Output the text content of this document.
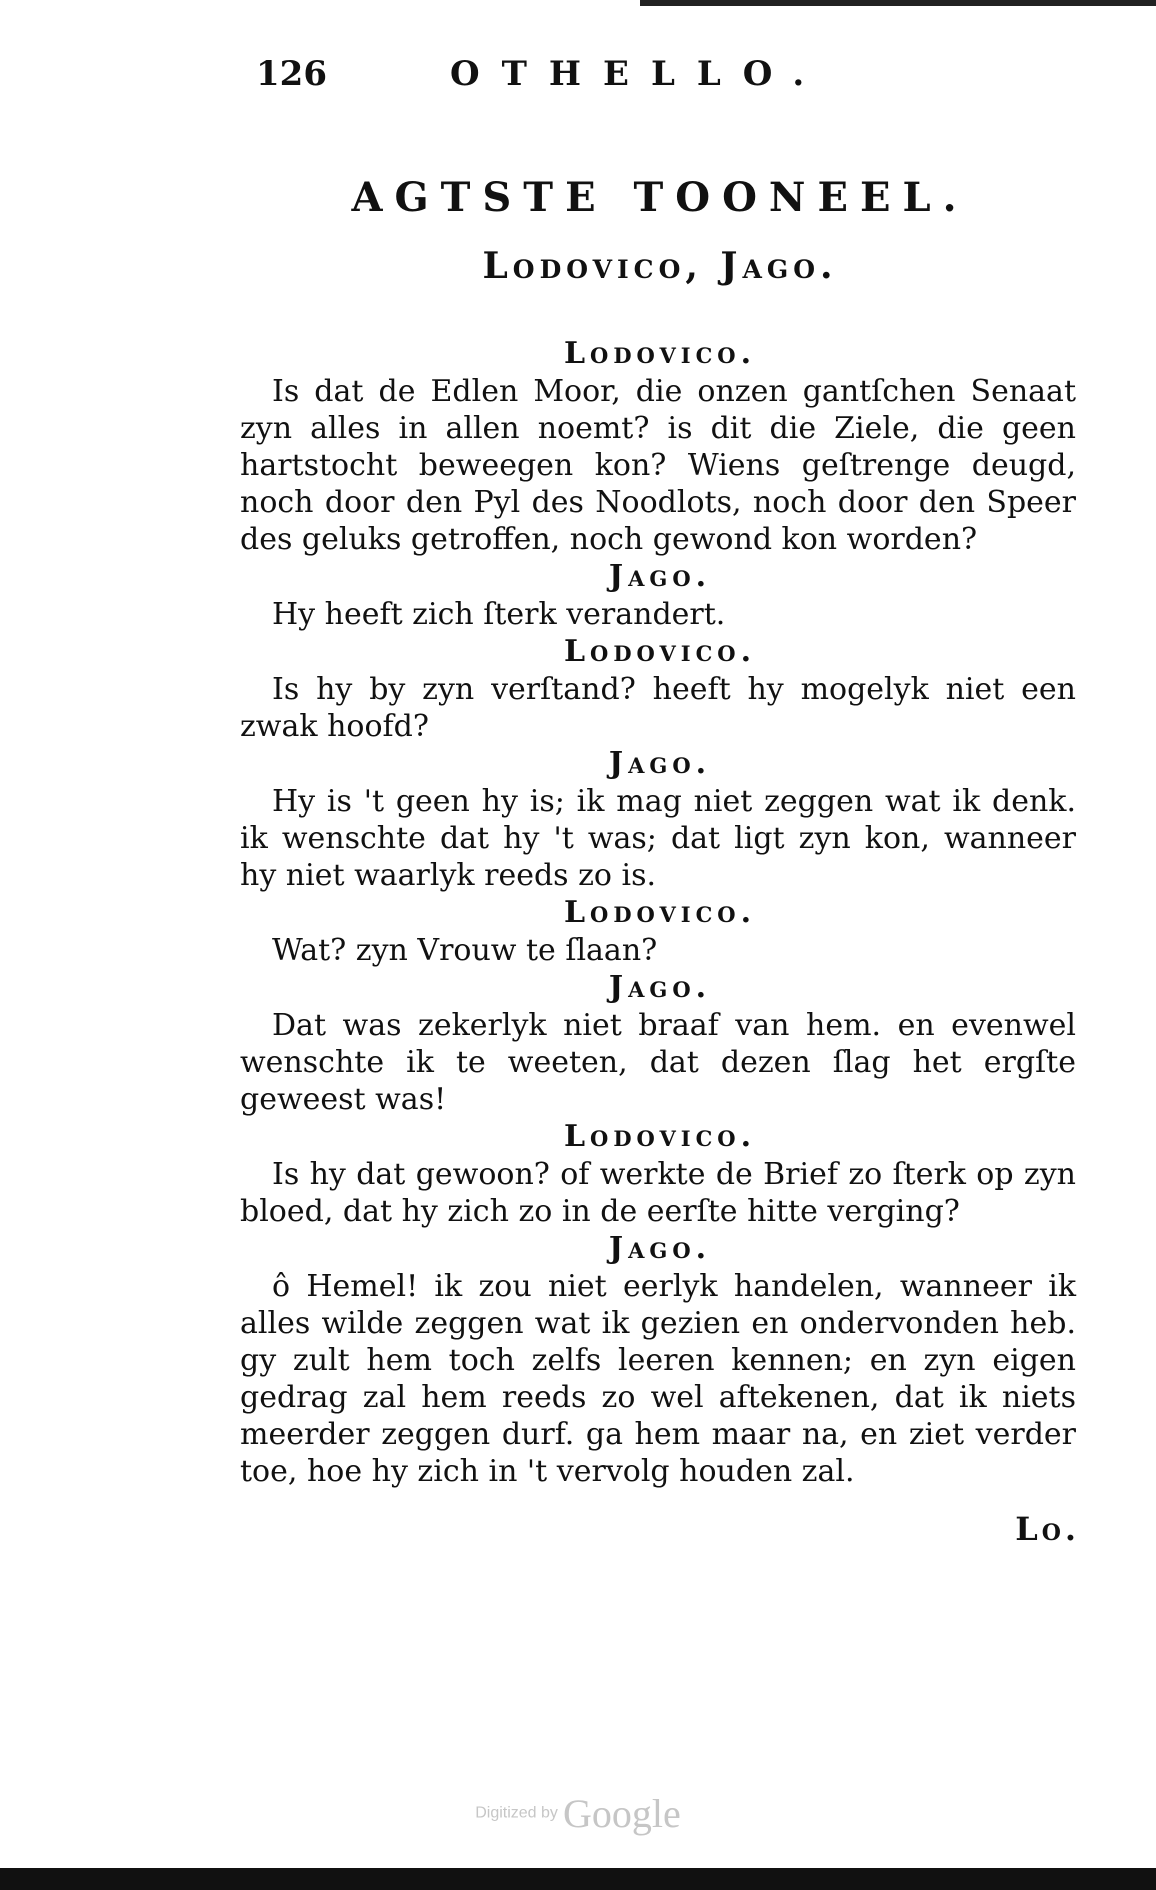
126	OTHELLO.
AGTSTE TOONEEL.
Lodovico, Jago.
Lodovico.

Is dat de Edlen Moor, die onzen gantſchen Senaat zyn alles in allen noemt? is dit die Ziele, die geen hartstocht beweegen kon? Wiens geſtrenge deugd, noch door den Pyl des Noodlots, noch door den Speer des geluks getroffen, noch gewond kon worden?

Jago.

Hy heeft zich ſterk verandert.

Lodovico.

Is hy by zyn verſtand? heeft hy mogelyk niet een zwak hoofd?

Jago.

Hy is 't geen hy is; ik mag niet zeggen wat ik denk. ik wenschte dat hy 't was; dat ligt zyn kon, wanneer hy niet waarlyk reeds zo is.

Lodovico.

Wat? zyn Vrouw te ſlaan?

Jago.

Dat was zekerlyk niet braaf van hem. en evenwel wenschte ik te weeten, dat dezen ſlag het ergſte geweest was!

Lodovico.

Is hy dat gewoon? of werkte de Brief zo ſterk op zyn bloed, dat hy zich zo in de eerſte hitte verging?

Jago.

ô Hemel! ik zou niet eerlyk handelen, wanneer ik alles wilde zeggen wat ik gezien en ondervonden heb. gy zult hem toch zelfs leeren kennen; en zyn eigen gedrag zal hem reeds zo wel aftekenen, dat ik niets meerder zeggen durf. ga hem maar na, en ziet verder toe, hoe hy zich in 't vervolg houden zal.

Lo.
Digitized by Google
